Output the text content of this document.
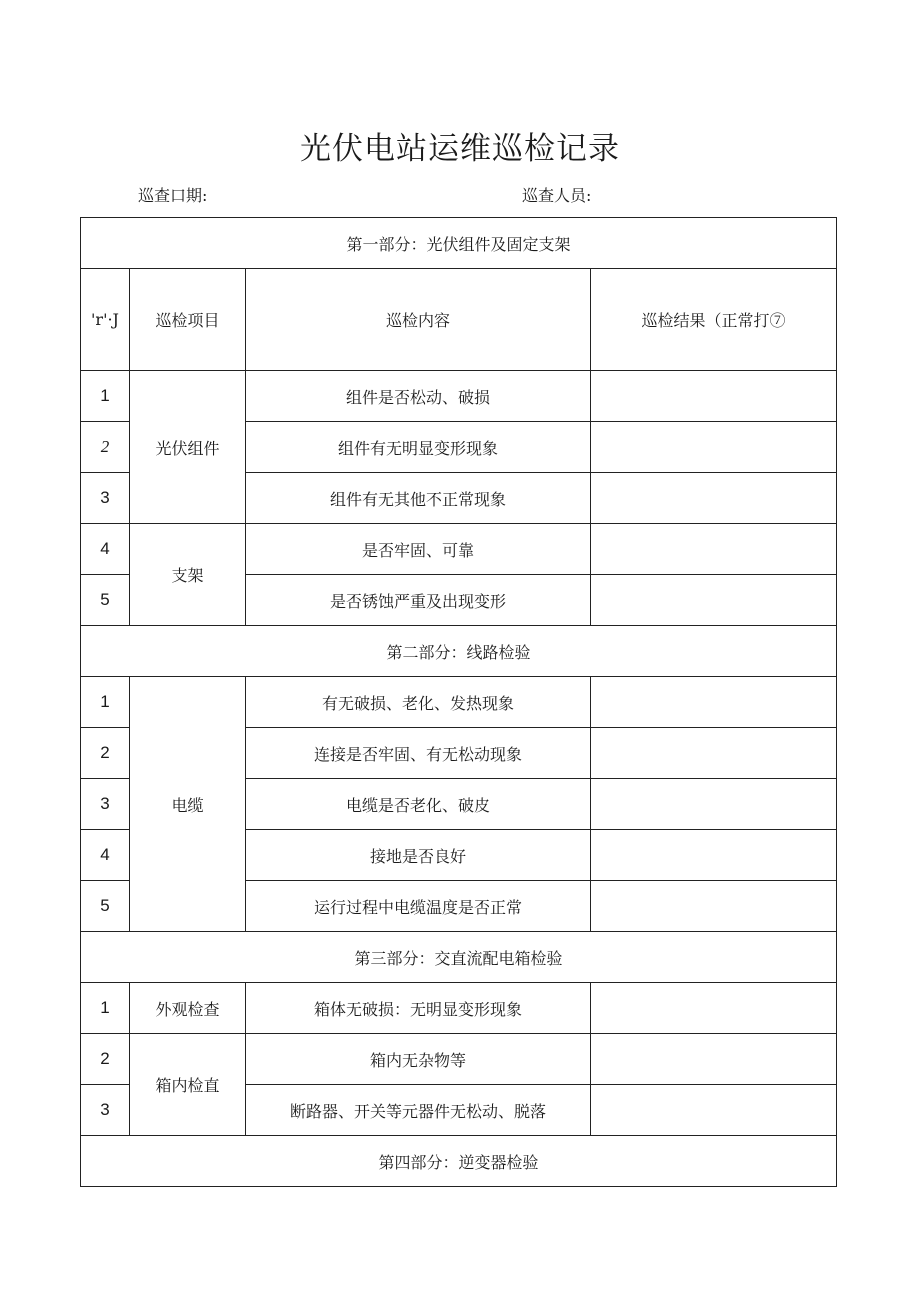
光伏电站运维巡检记录
巡查口期:	巡查人员:
第一部分：光伏组件及固定支架			
'r'·J	巡检项目	巡检内容	巡检结果（正常打⑦
1	光伏组件	组件是否松动、破损	
2		组件有无明显变形现象	
3		组件有无其他不正常现象	
4	支架	是否牢固、可靠	
5		是否锈蚀严重及出现变形	
第二部分：线路检验			
1	电缆	有无破损、老化、发热现象	
2		连接是否牢固、有无松动现象	
3		电缆是否老化、破皮	
4		接地是否良好	
5		运行过程中电缆温度是否正常	
第三部分：交直流配电箱检验			
1	外观检查	箱体无破损：无明显变形现象	
2	箱内检直	箱内无杂物等	
3		断路器、开关等元器件无松动、脱落	
第四部分：逆变器检验			
